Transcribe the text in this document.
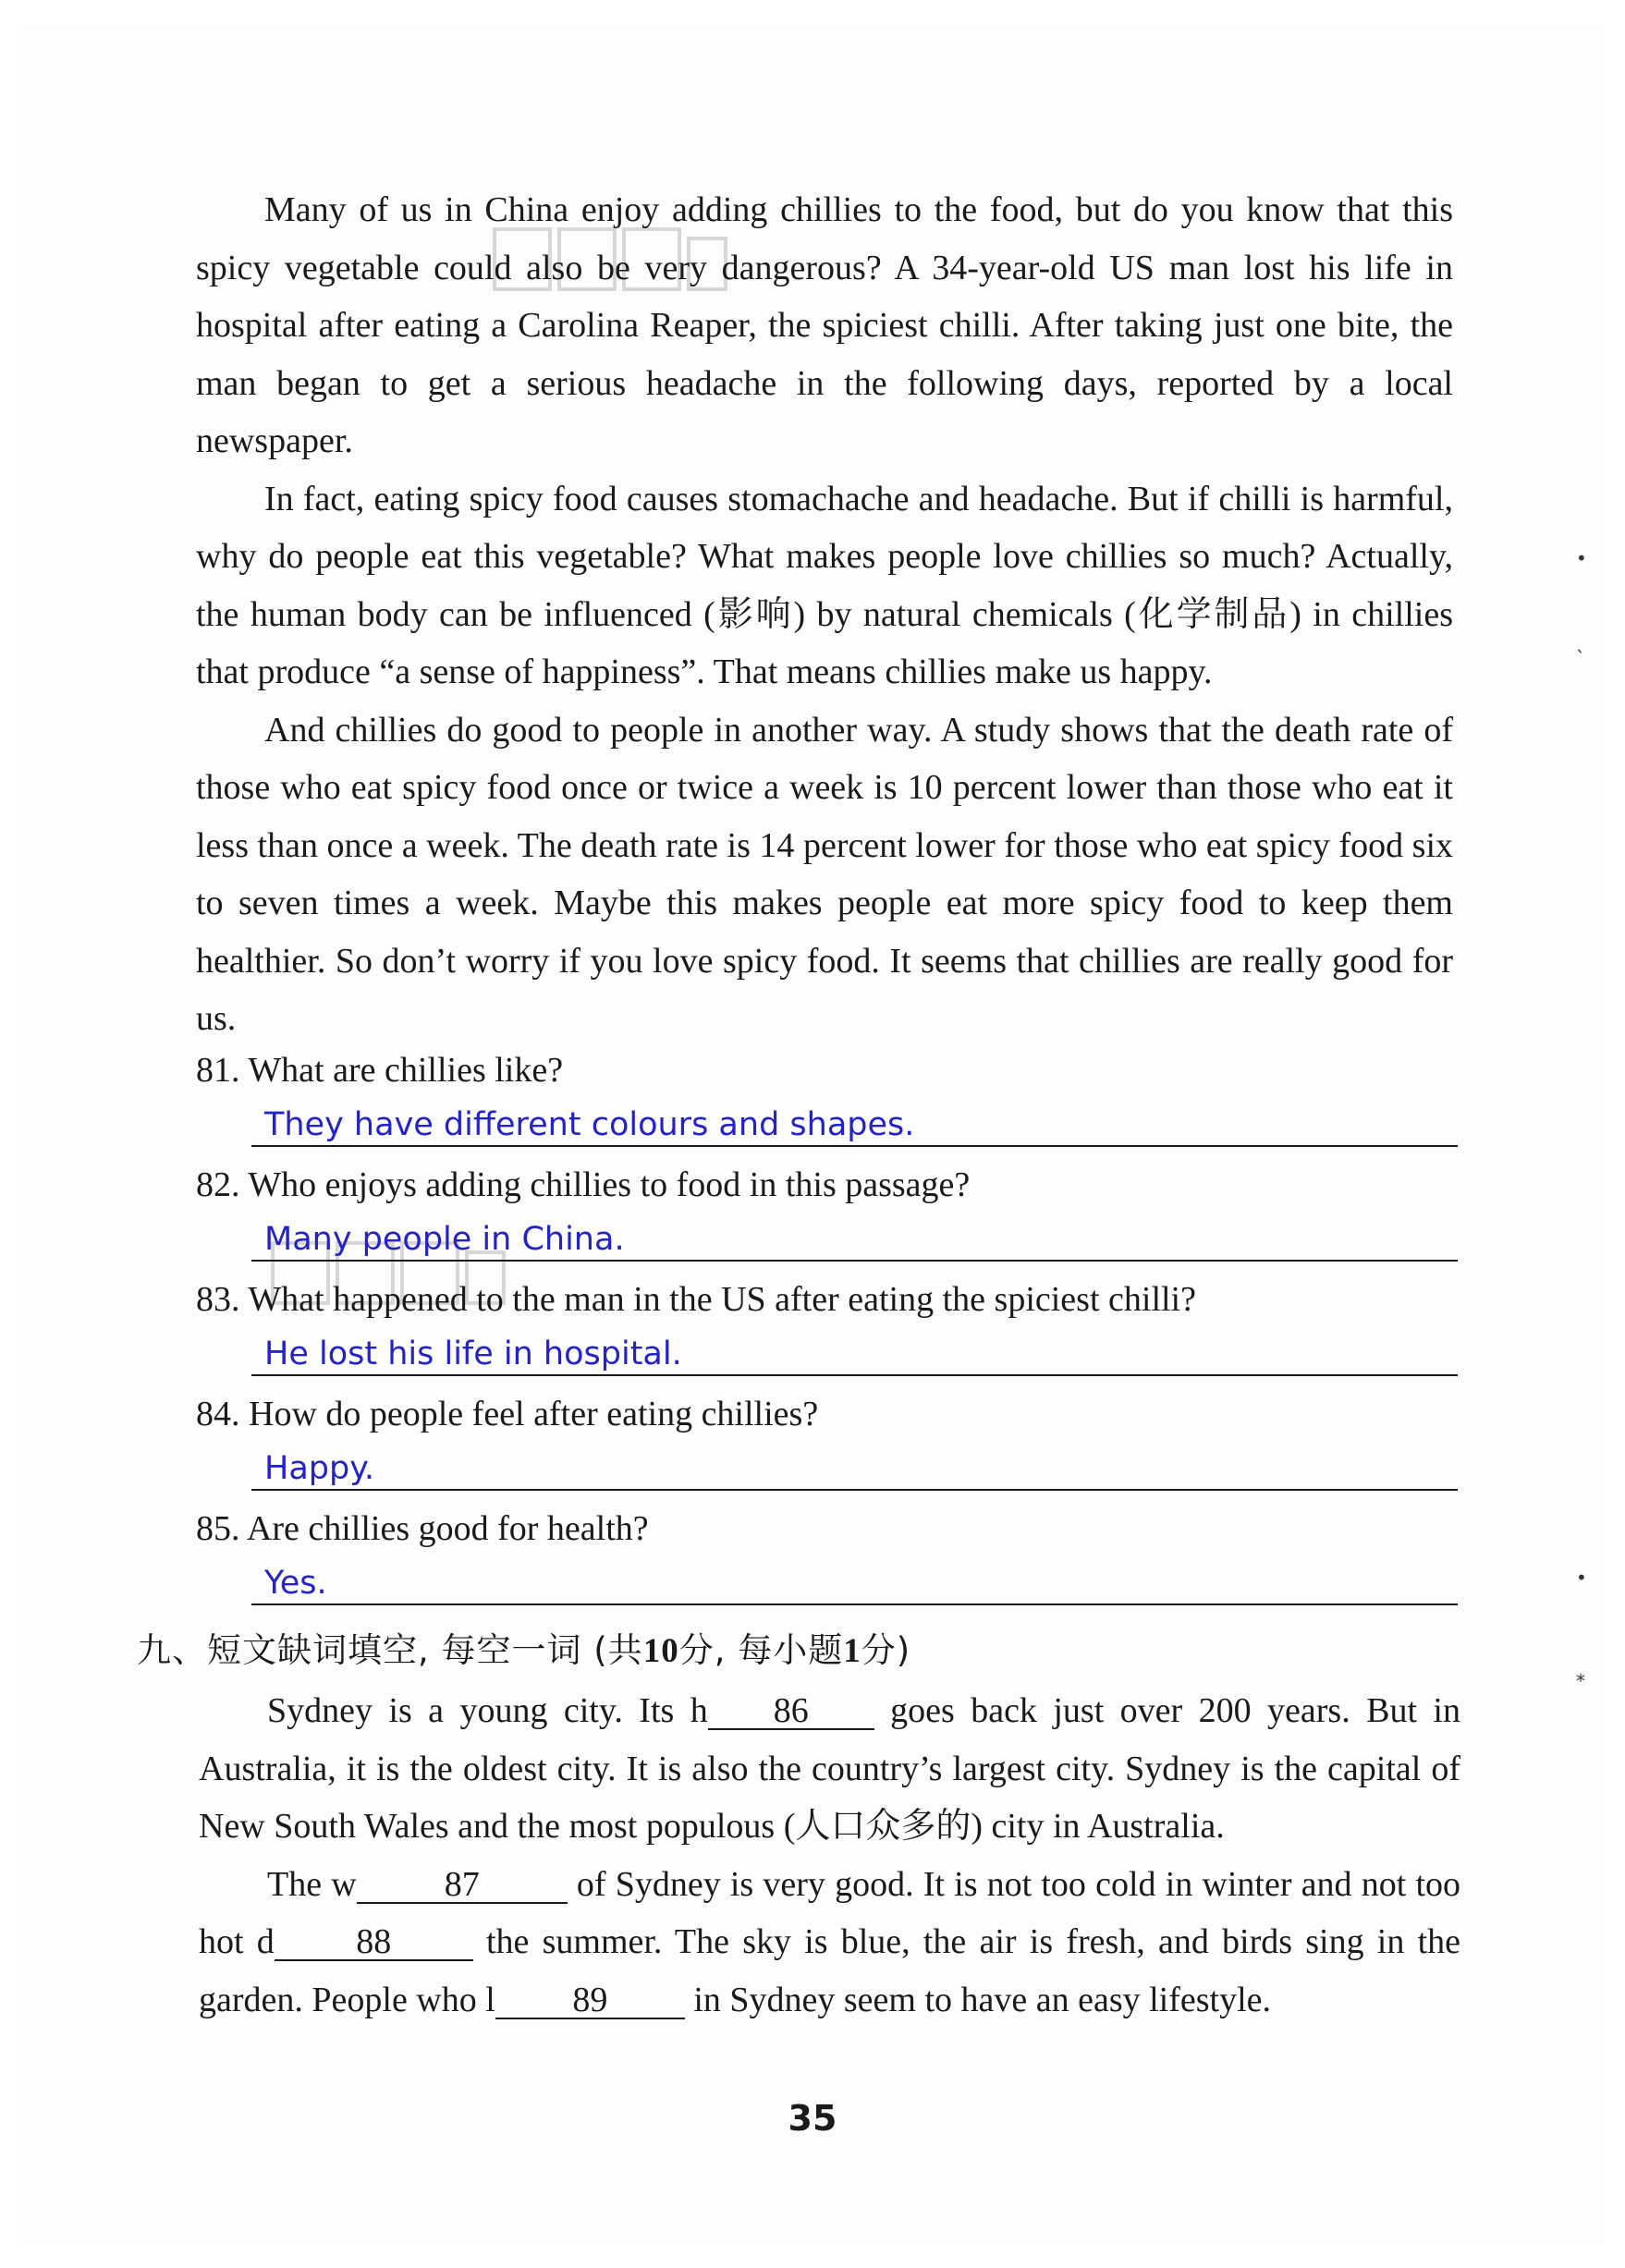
Many of us in China enjoy adding chillies to the food, but do you know that this spicy vegetable could also be very dangerous? A 34-year-old US man lost his life in hospital after eating a Carolina Reaper, the spiciest chilli. After taking just one bite, the man began to get a serious headache in the following days, reported by a local newspaper.

In fact, eating spicy food causes stomachache and headache. But if chilli is harmful, why do people eat this vegetable? What makes people love chillies so much? Actually, the human body can be influenced (影响) by natural chemicals (化学制品) in chillies that produce “a sense of happiness”. That means chillies make us happy.

And chillies do good to people in another way. A study shows that the death rate of those who eat spicy food once or twice a week is 10 percent lower than those who eat it less than once a week. The death rate is 14 percent lower for those who eat spicy food six to seven times a week. Maybe this makes people eat more spicy food to keep them healthier. So don’t worry if you love spicy food. It seems that chillies are really good for us.

81. What are chillies like?
They have different colours and shapes.
82. Who enjoys adding chillies to food in this passage?
Many people in China.
83. What happened to the man in the US after eating the spiciest chilli?
He lost his life in hospital.
84. How do people feel after eating chillies?
Happy.
85. Are chillies good for health?
Yes.
九、短文缺词填空, 每空一词 (共10分, 每小题1分)

Sydney is a young city. Its h 86 goes back just over 200 years. But in Australia, it is the oldest city. It is also the country’s largest city. Sydney is the capital of New South Wales and the most populous (人口众多的) city in Australia.

The w	87	of Sydney is very good. It is not too cold in winter and not too hot d 88 the summer. The sky is blue, the air is fresh, and birds sing in the garden. People who l 89 in Sydney seem to have an easy lifestyle.

•
ˋ
•
*
35
